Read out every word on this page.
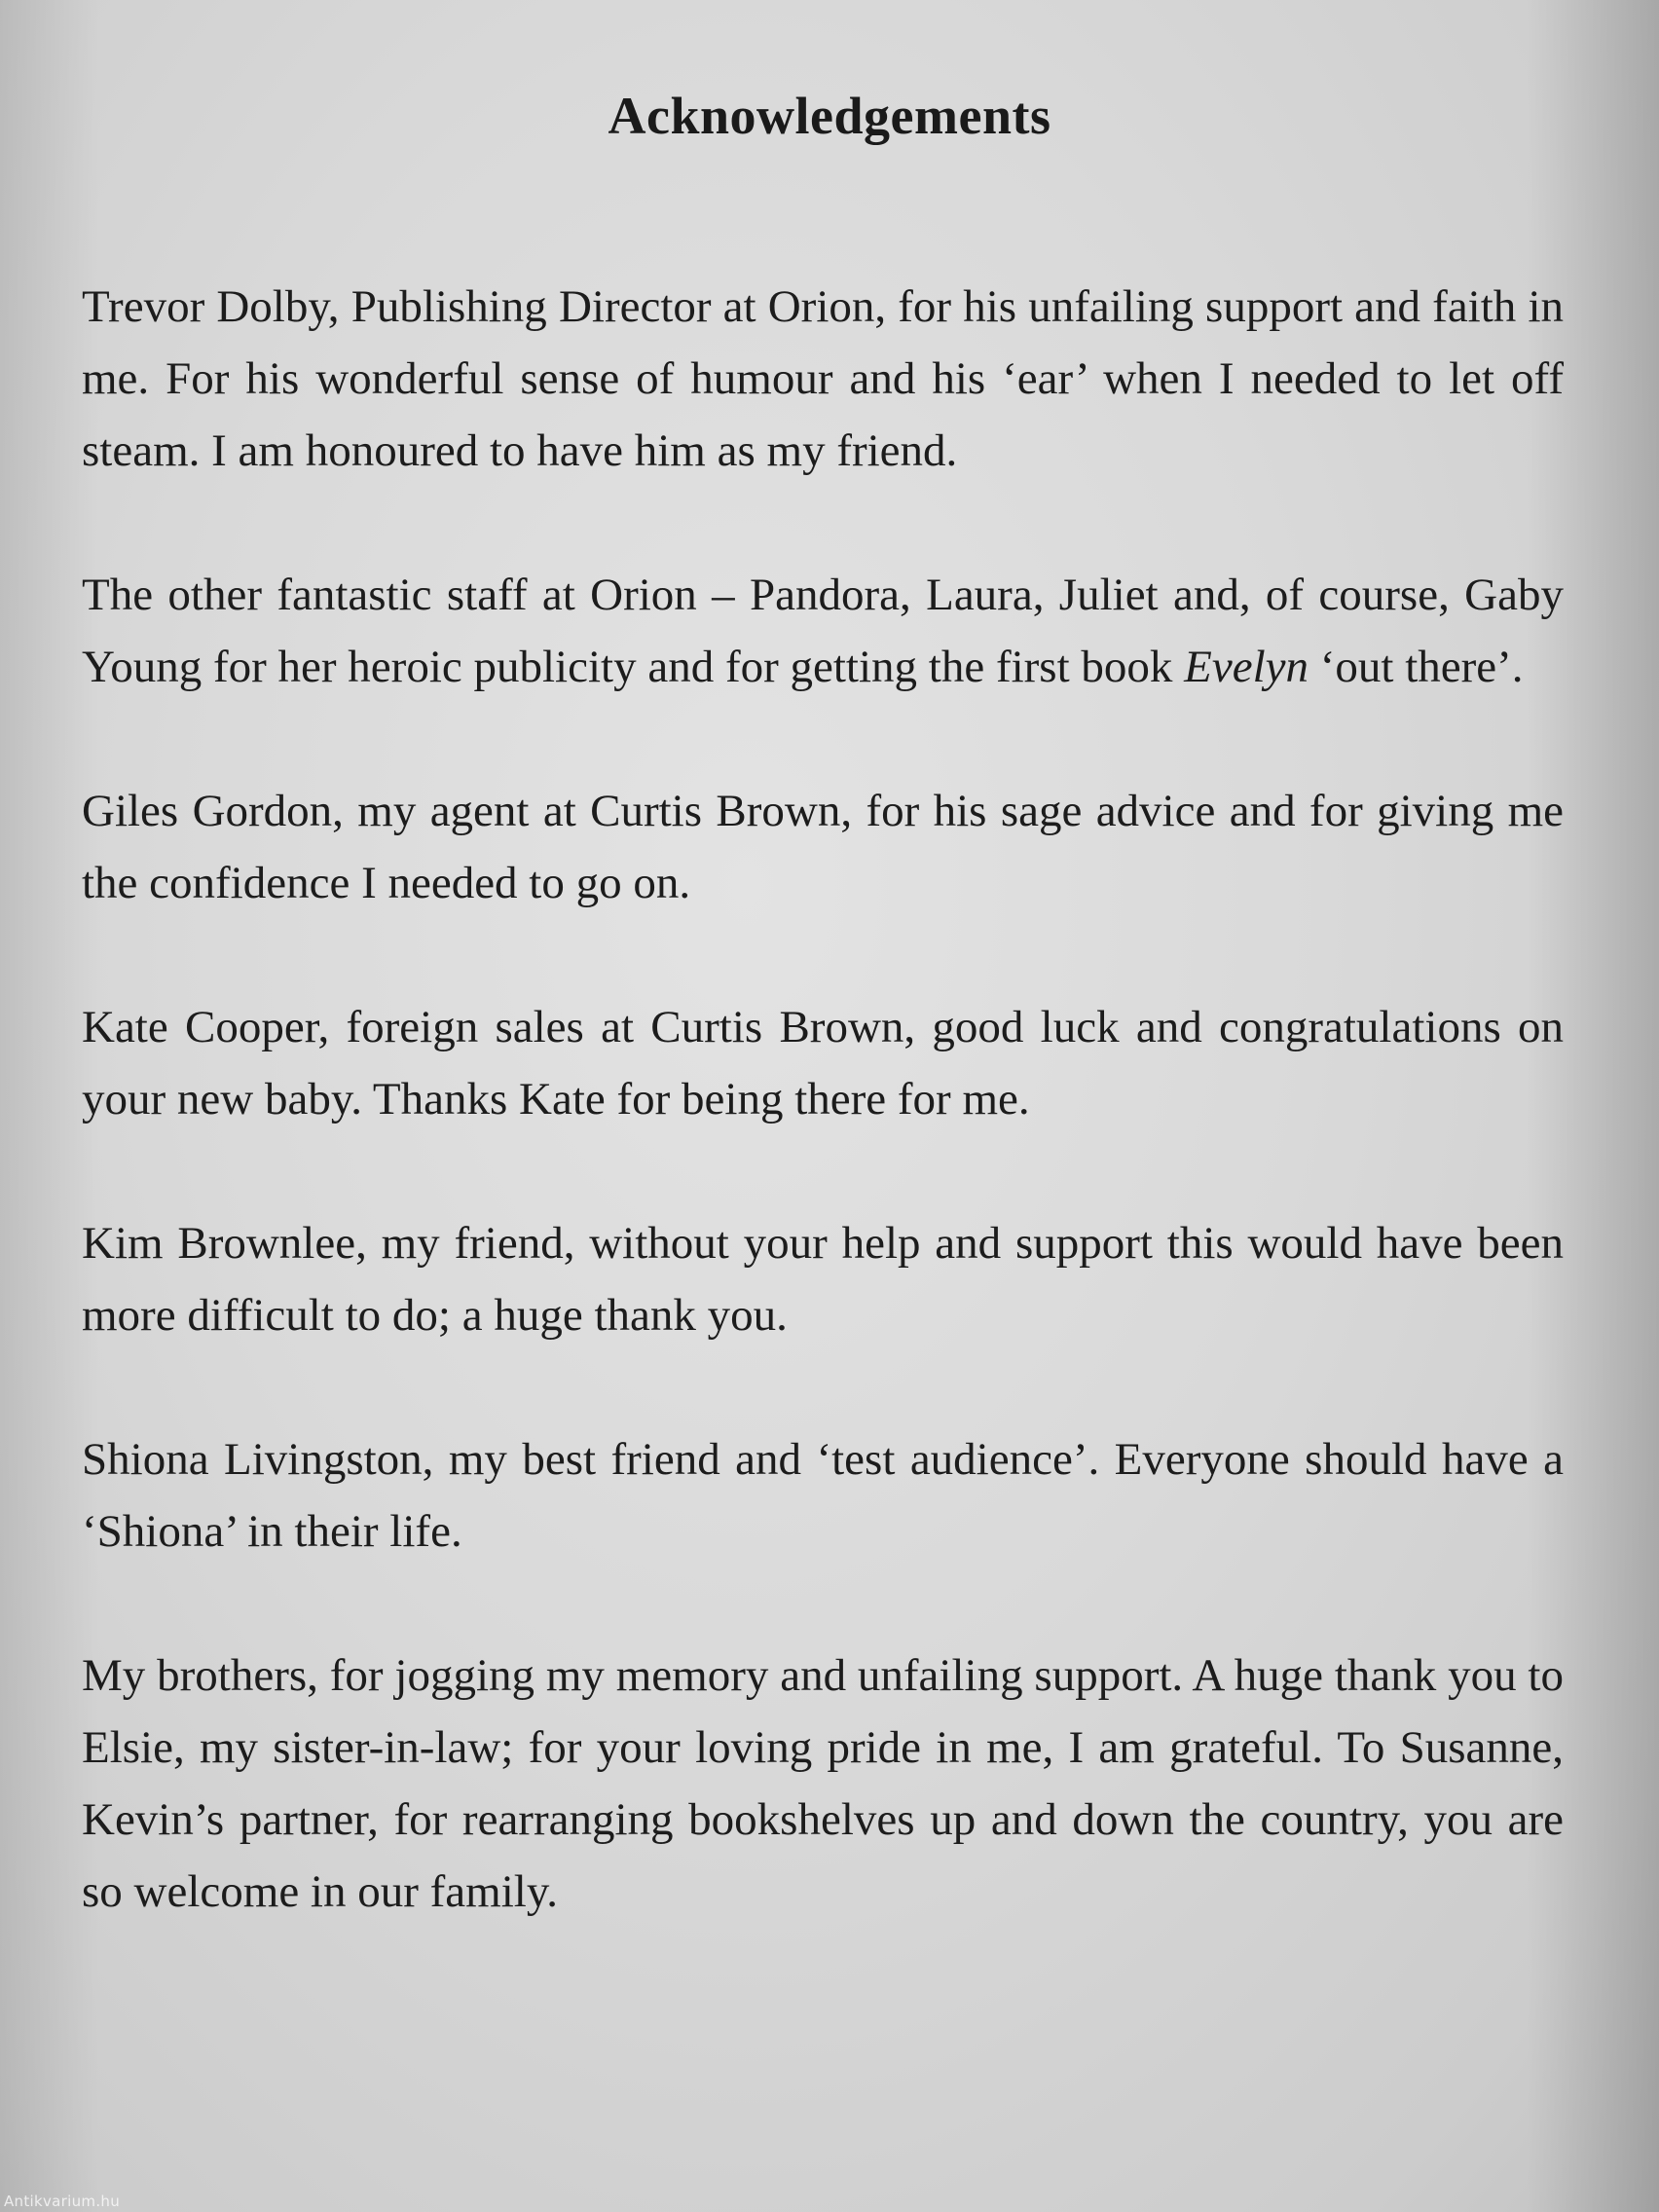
Acknowledgements

Trevor Dolby, Publishing Director at Orion, for his unfailing support and faith in me. For his wonderful sense of humour and his ‘ear’ when I needed to let off steam. I am honoured to have him as my friend.

The other fantastic staff at Orion – Pandora, Laura, Juliet and, of course, Gaby Young for her heroic publicity and for getting the first book Evelyn ‘out there’.

Giles Gordon, my agent at Curtis Brown, for his sage advice and for giving me the confidence I needed to go on.

Kate Cooper, foreign sales at Curtis Brown, good luck and congratulations on your new baby. Thanks Kate for being there for me.

Kim Brownlee, my friend, without your help and support this would have been more difficult to do; a huge thank you.

Shiona Livingston, my best friend and ‘test audience’. Everyone should have a ‘Shiona’ in their life.

My brothers, for jogging my memory and unfailing support. A huge thank you to Elsie, my sister-in-law; for your loving pride in me, I am grateful. To Susanne, Kevin’s partner, for rearranging bookshelves up and down the country, you are so welcome in our family.

Antikvarium.hu
